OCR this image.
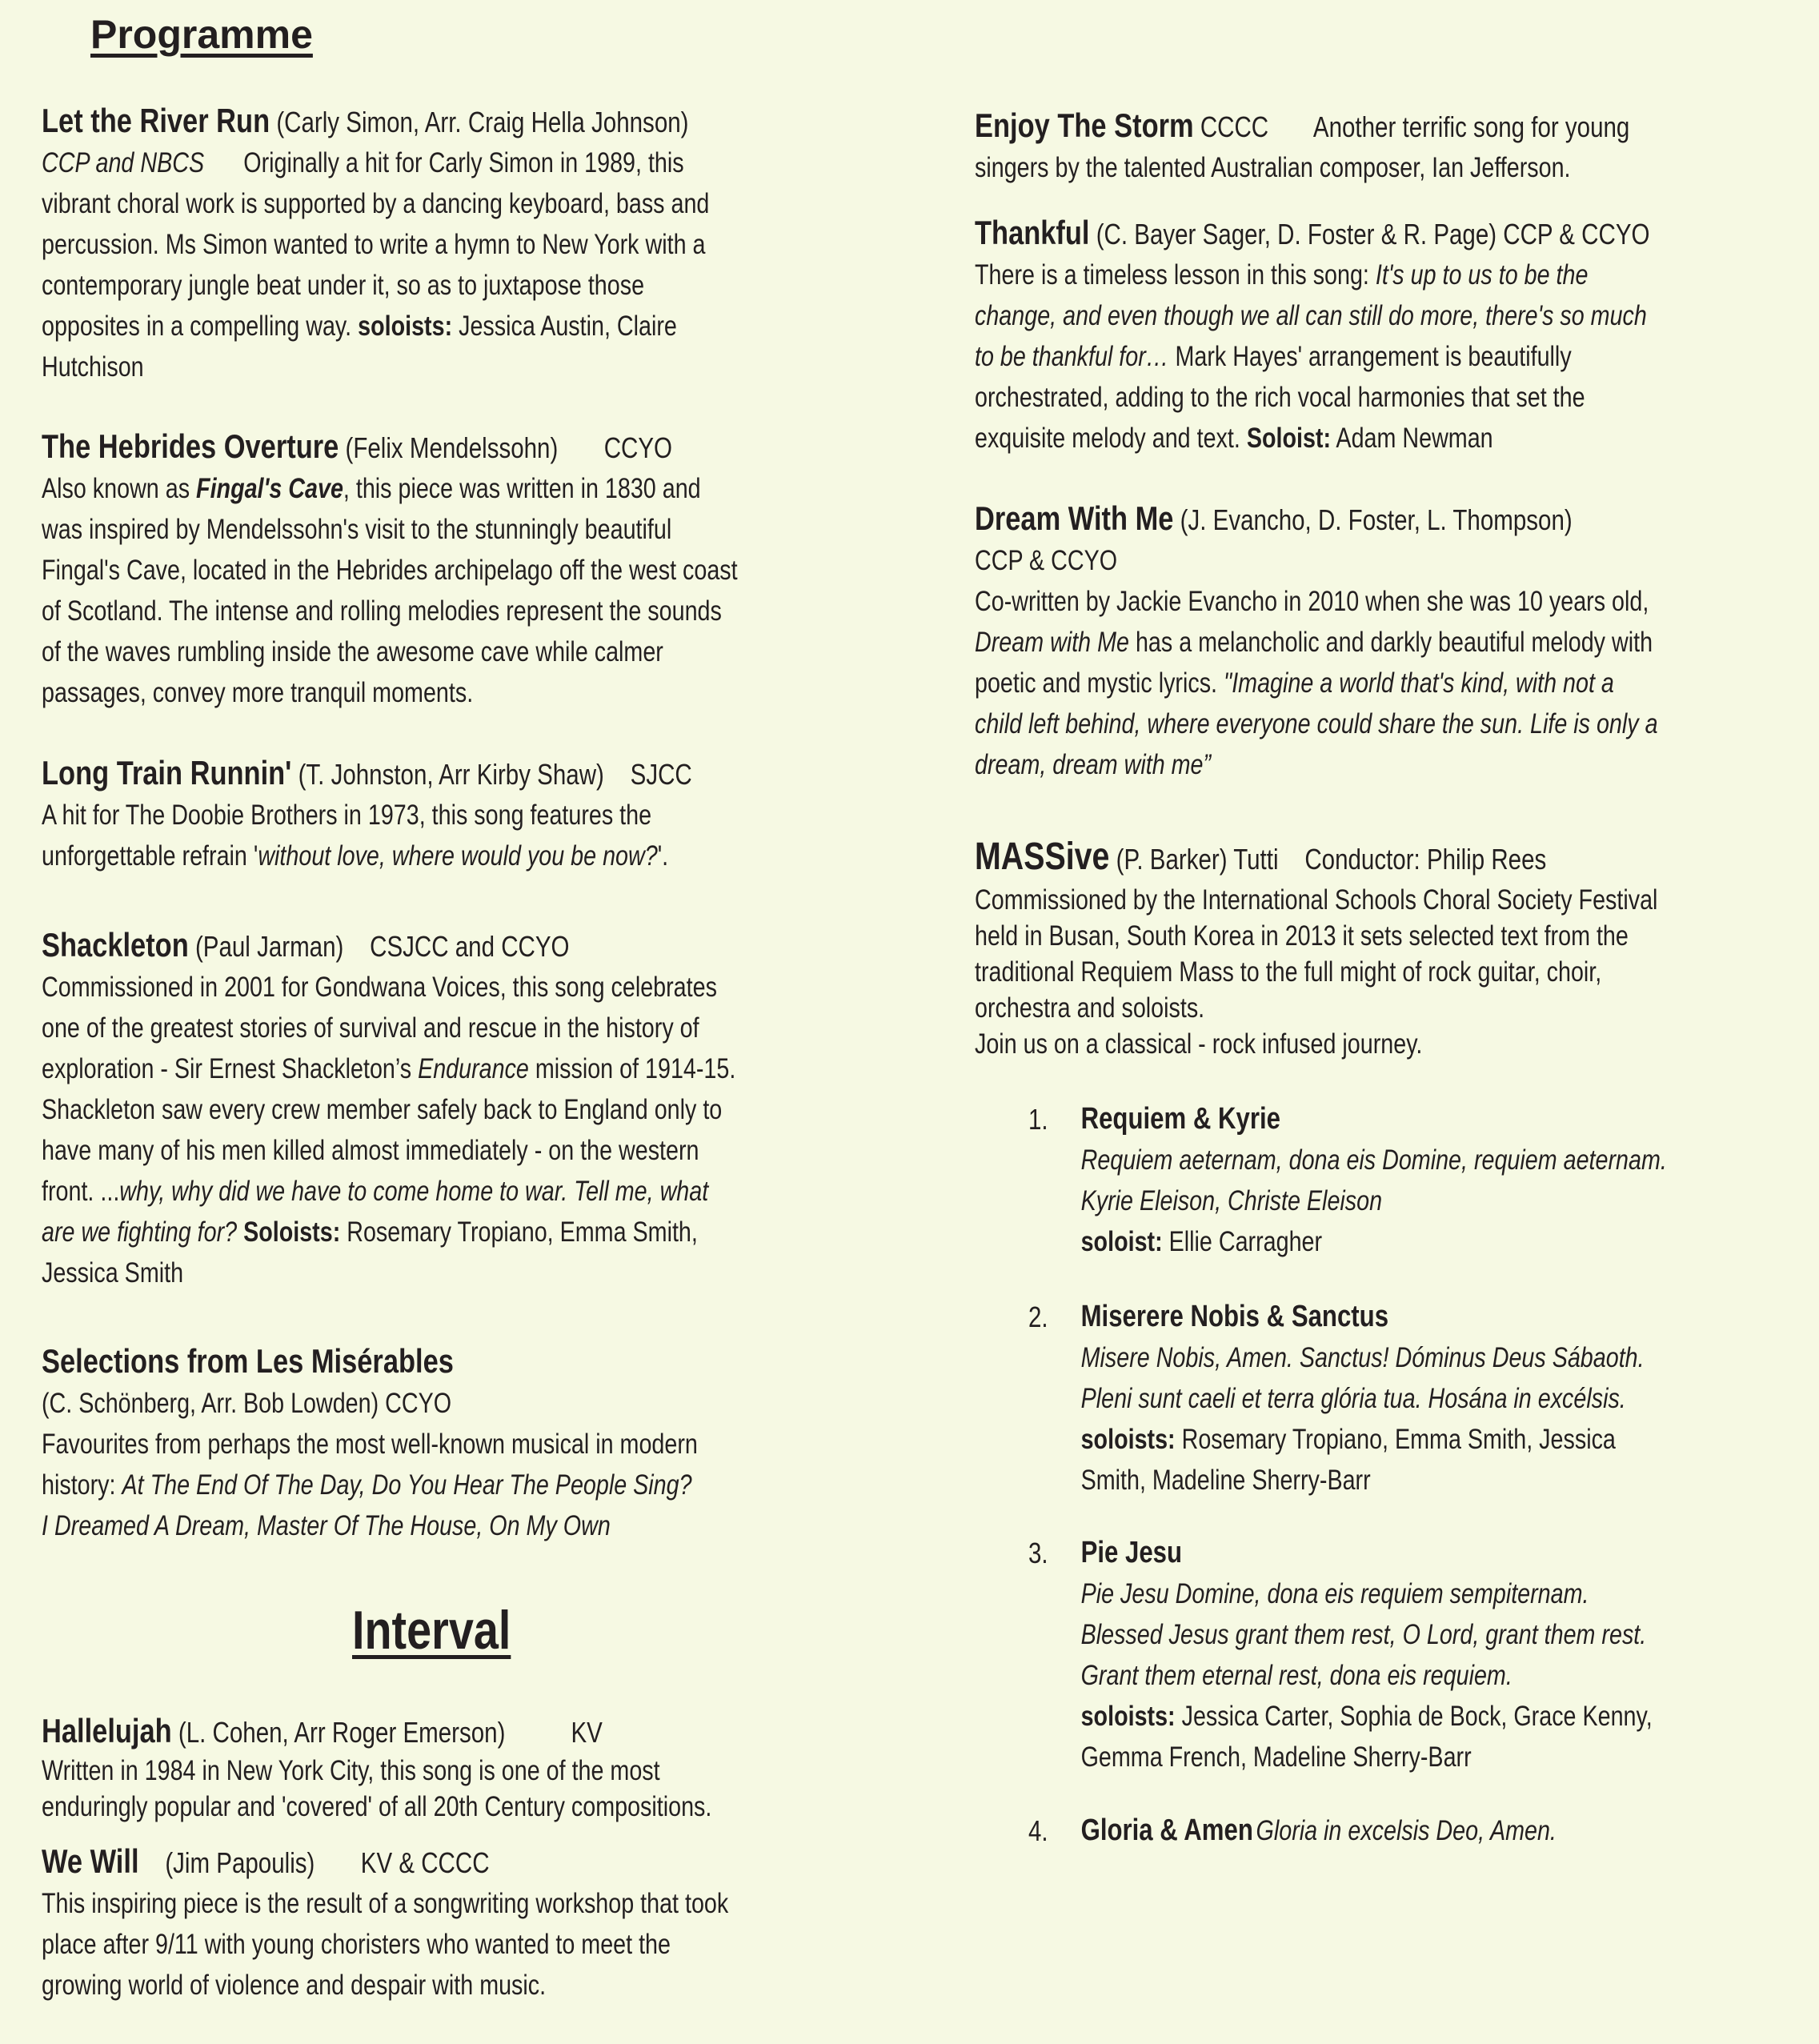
Programme
Let the River Run (Carly Simon, Arr. Craig Hella Johnson)
CCP and NBCS Originally a hit for Carly Simon in 1989, this
vibrant choral work is supported by a dancing keyboard, bass and
percussion. Ms Simon wanted to write a hymn to New York with a
contemporary jungle beat under it, so as to juxtapose those
opposites in a compelling way. soloists: Jessica Austin, Claire
Hutchison
The Hebrides Overture (Felix Mendelssohn) CCYO
Also known as Fingal's Cave, this piece was written in 1830 and
was inspired by Mendelssohn's visit to the stunningly beautiful
Fingal's Cave, located in the Hebrides archipelago off the west coast
of Scotland. The intense and rolling melodies represent the sounds
of the waves rumbling inside the awesome cave while calmer
passages, convey more tranquil moments.
Long Train Runnin' (T. Johnston, Arr Kirby Shaw) SJCC
A hit for The Doobie Brothers in 1973, this song features the
unforgettable refrain 'without love, where would you be now?'.
Shackleton (Paul Jarman) CSJCC and CCYO
Commissioned in 2001 for Gondwana Voices, this song celebrates
one of the greatest stories of survival and rescue in the history of
exploration - Sir Ernest Shackleton’s Endurance mission of 1914-15.
Shackleton saw every crew member safely back to England only to
have many of his men killed almost immediately - on the western
front. ...why, why did we have to come home to war. Tell me, what
are we fighting for? Soloists: Rosemary Tropiano, Emma Smith,
Jessica Smith
Selections from Les Misérables
(C. Schönberg, Arr. Bob Lowden) CCYO
Favourites from perhaps the most well-known musical in modern
history: At The End Of The Day, Do You Hear The People Sing?
I Dreamed A Dream, Master Of The House, On My Own
Hallelujah (L. Cohen, Arr Roger Emerson) KV
Written in 1984 in New York City, this song is one of the most
enduringly popular and 'covered' of all 20th Century compositions.
We Will (Jim Papoulis) KV & CCCC
This inspiring piece is the result of a songwriting workshop that took
place after 9/11 with young choristers who wanted to meet the
growing world of violence and despair with music.
Interval
Enjoy The Storm CCCC Another terrific song for young
singers by the talented Australian composer, Ian Jefferson.
Thankful (C. Bayer Sager, D. Foster & R. Page) CCP & CCYO
There is a timeless lesson in this song: It's up to us to be the
change, and even though we all can still do more, there's so much
to be thankful for… Mark Hayes' arrangement is beautifully
orchestrated, adding to the rich vocal harmonies that set the
exquisite melody and text. Soloist: Adam Newman
Dream With Me (J. Evancho, D. Foster, L. Thompson)
CCP & CCYO
Co-written by Jackie Evancho in 2010 when she was 10 years old,
Dream with Me has a melancholic and darkly beautiful melody with
poetic and mystic lyrics. "Imagine a world that's kind, with not a
child left behind, where everyone could share the sun. Life is only a
dream, dream with me”
MASSive (P. Barker) Tutti Conductor: Philip Rees
Commissioned by the International Schools Choral Society Festival
held in Busan, South Korea in 2013 it sets selected text from the
traditional Requiem Mass to the full might of rock guitar, choir,
orchestra and soloists.
Join us on a classical - rock infused journey.
1. Requiem & Kyrie
Requiem aeternam, dona eis Domine, requiem aeternam.
Kyrie Eleison, Christe Eleison
soloist: Ellie Carragher
2. Miserere Nobis & Sanctus
Misere Nobis, Amen. Sanctus! Dóminus Deus Sábaoth.
Pleni sunt caeli et terra glória tua. Hosána in excélsis.
soloists: Rosemary Tropiano, Emma Smith, Jessica
Smith, Madeline Sherry-Barr
3. Pie Jesu
Pie Jesu Domine, dona eis requiem sempiternam.
Blessed Jesus grant them rest, O Lord, grant them rest.
Grant them eternal rest, dona eis requiem.
soloists: Jessica Carter, Sophia de Bock, Grace Kenny,
Gemma French, Madeline Sherry-Barr
4. Gloria & Amen Gloria in excelsis Deo, Amen.
